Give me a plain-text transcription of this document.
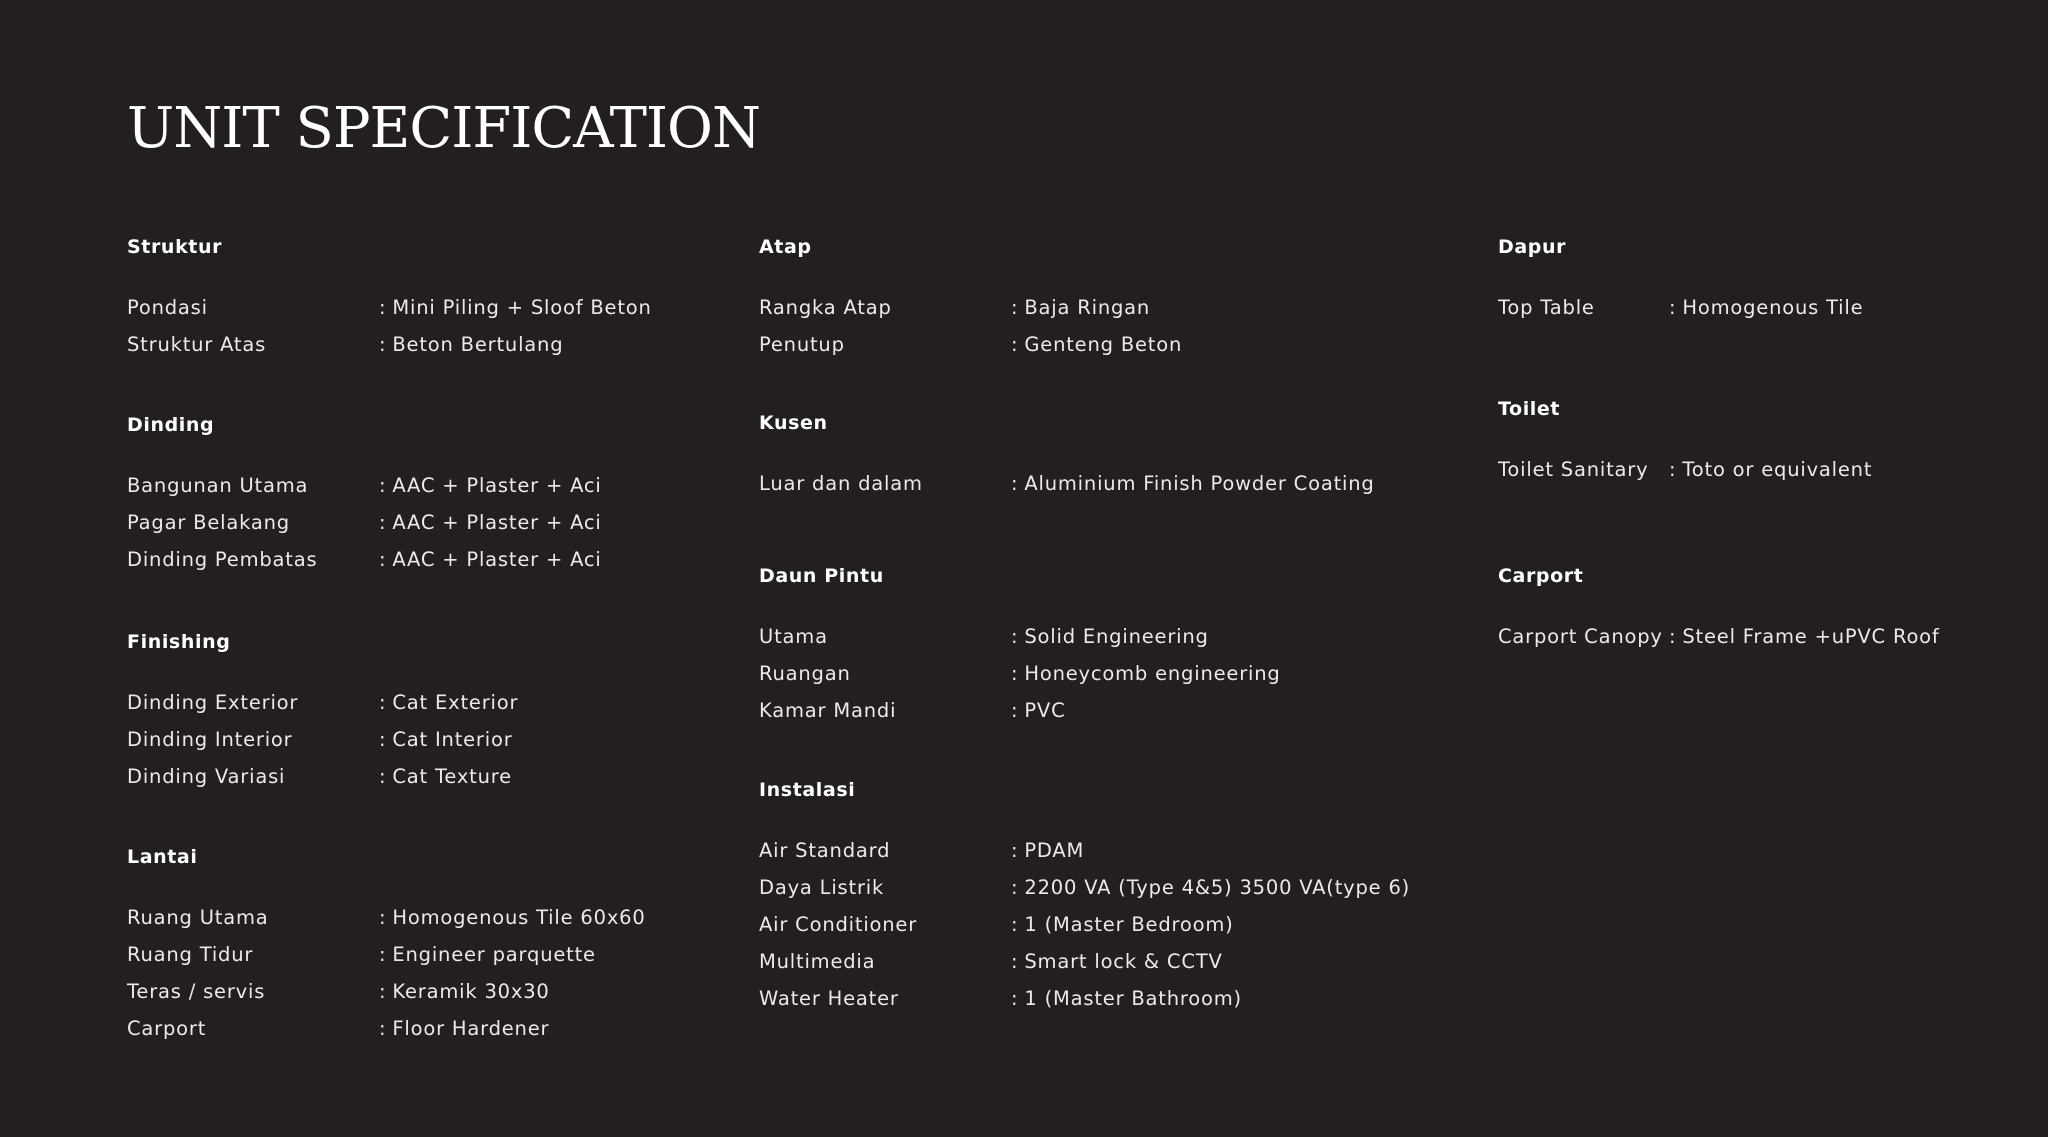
UNIT SPECIFICATION
Struktur
Pondasi	: Mini Piling + Sloof Beton
Struktur Atas	: Beton Bertulang
Dinding
Bangunan Utama	: AAC + Plaster + Aci
Pagar Belakang	: AAC + Plaster + Aci
Dinding Pembatas	: AAC + Plaster + Aci
Finishing
Dinding Exterior	: Cat Exterior
Dinding Interior	: Cat Interior
Dinding Variasi	: Cat Texture
Lantai
Ruang Utama	: Homogenous Tile 60x60
Ruang Tidur	: Engineer parquette
Teras / servis	: Keramik 30x30
Carport	: Floor Hardener
Atap
Rangka Atap	: Baja Ringan
Penutup	: Genteng Beton
Kusen
Luar dan dalam	: Aluminium Finish Powder Coating
Daun Pintu
Utama	: Solid Engineering
Ruangan	: Honeycomb engineering
Kamar Mandi	: PVC
Instalasi
Air Standard	: PDAM
Daya Listrik	: 2200 VA (Type 4&5) 3500 VA(type 6)
Air Conditioner	: 1 (Master Bedroom)
Multimedia	: Smart lock & CCTV
Water Heater	: 1 (Master Bathroom)
Dapur
Top Table	: Homogenous Tile
Toilet
Toilet Sanitary	: Toto or equivalent
Carport
Carport Canopy : Steel Frame +uPVC Roof
